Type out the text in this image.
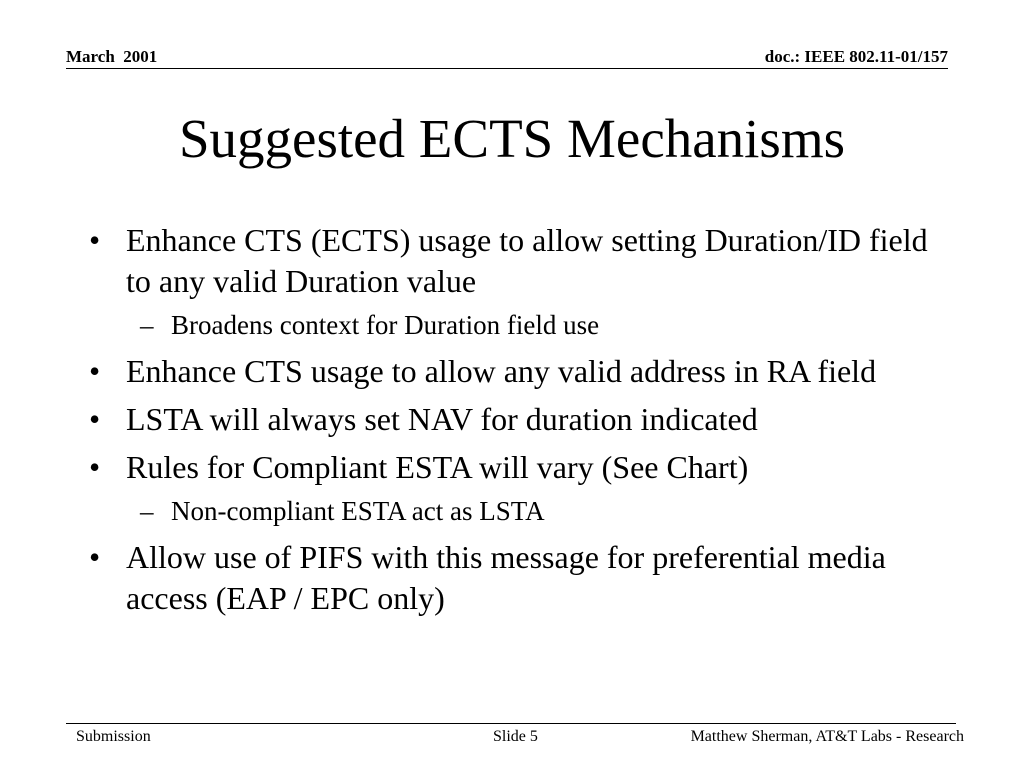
March  2001	doc.: IEEE 802.11-01/157
Suggested ECTS Mechanisms
• Enhance CTS (ECTS) usage to allow setting Duration/ID field to any valid Duration value
– Broadens context for Duration field use
• Enhance CTS usage to allow any valid address in RA field
• LSTA will always set NAV for duration indicated
• Rules for Compliant ESTA will vary (See Chart)
– Non-compliant ESTA act as LSTA
• Allow use of PIFS with this message for preferential media access (EAP / EPC only)
Submission	Slide 5	Matthew Sherman, AT&T Labs - Research
